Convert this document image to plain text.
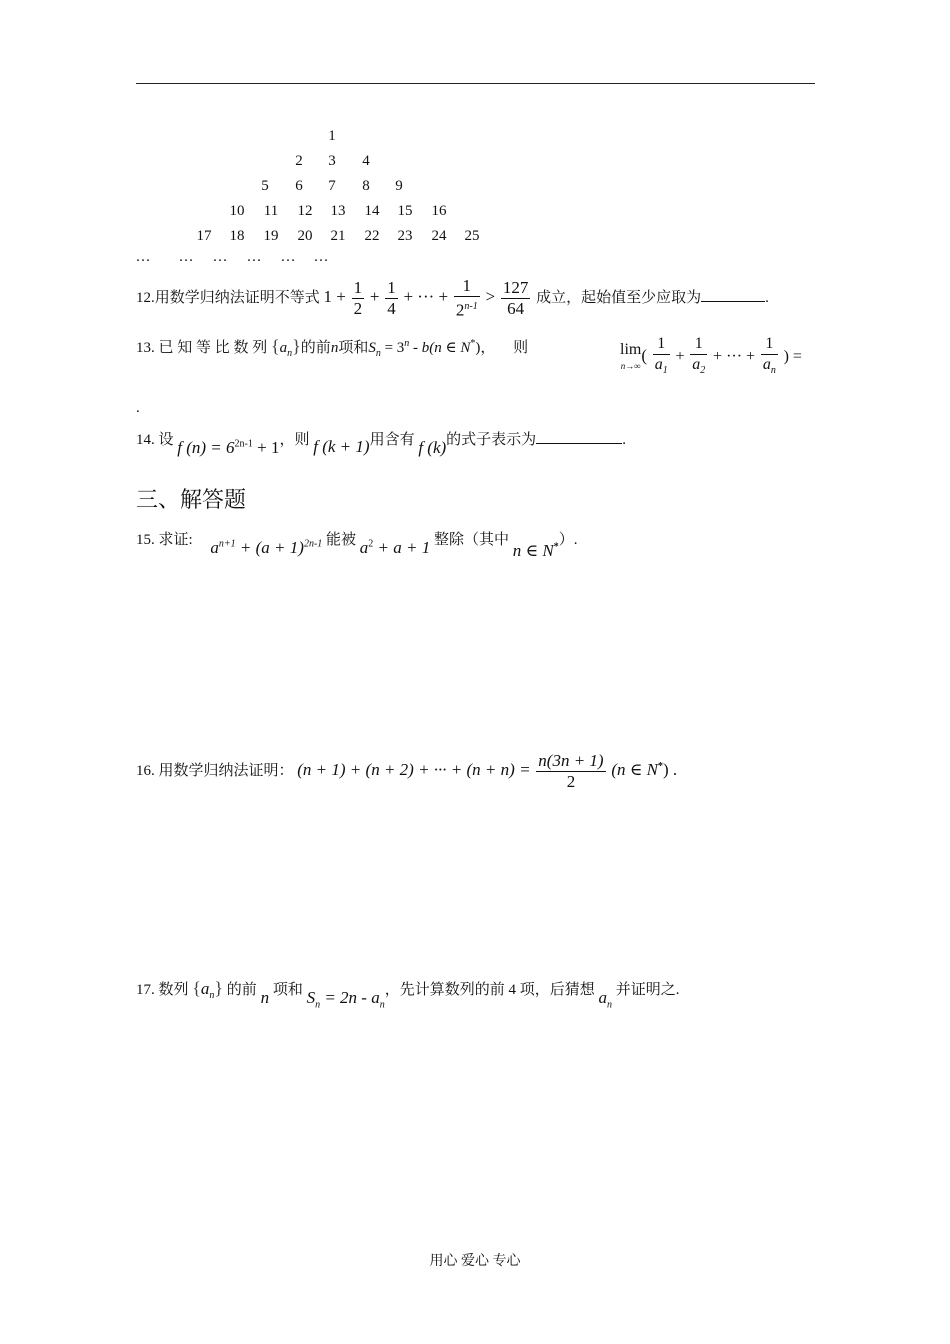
1
2	3	4
5	6	7	8	9
10	11	12	13	14	15	16
17	18	19	20	21	22	23	24	25
…	…	…	…	…	…
12.用数学归纳法证明不等式 $1 + \frac{1}{2} + \frac{1}{4}$ + ··· + $\frac{1}{2^{n-1}} > \frac{127}{64}$ 成立，起始值至少应取为	.
13. 已 知 等 比 数 列 $\{a_n\}$的前n项和$S_n = 3^n - b(n$ ∈ N*)， 则	lim
n→∞
( $\frac{1}{a_1} + \frac{1}{a_2}$ + ··· + $\frac{1}{a_n}$ ) =
.
14. 设 f $(n) = 6^{2n-1} + 1$，则 f (k + 1)用含有 f (k)的式子表示为	.
三、解答题
15. 求证: $a^{n+1} + (a + 1)^{2n-1}$ 能被 $a^2 + a + 1$ 整除（其中 n ∈ N*）.
16. 用数学归纳法证明： (n + 1) + (n + 2) + ··· + $(n + n) = \frac{n(3n + 1)}{2} (n$ ∈ N*) .
17. 数列 $\{a_n\}$ 的前 n 项和 $S_n = 2n - a_n$，先计算数列的前 4 项，后猜想 $a_n$ 并证明之.
用心 爱心 专心
